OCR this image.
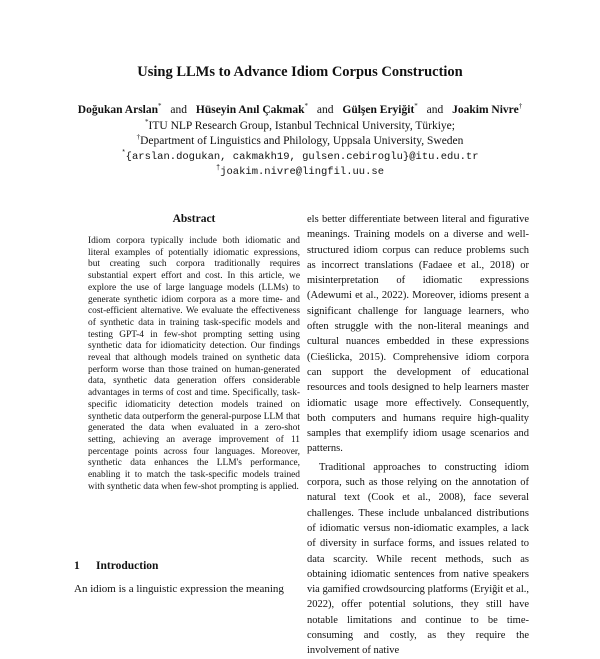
Using LLMs to Advance Idiom Corpus Construction
Doğukan Arslan* and Hüseyin Anıl Çakmak* and Gülşen Eryiğit* and Joakim Nivre†
*ITU NLP Research Group, Istanbul Technical University, Türkiye;
†Department of Linguistics and Philology, Uppsala University, Sweden
*{arslan.dogukan, cakmakh19, gulsen.cebiroglu}@itu.edu.tr
†joakim.nivre@lingfil.uu.se
Abstract
Idiom corpora typically include both idiomatic and literal examples of potentially idiomatic expressions, but creating such corpora traditionally requires substantial expert effort and cost. In this article, we explore the use of large language models (LLMs) to generate synthetic idiom corpora as a more time- and cost-efficient alternative. We evaluate the effectiveness of synthetic data in training task-specific models and testing GPT-4 in few-shot prompting setting using synthetic data for idiomaticity detection. Our findings reveal that although models trained on synthetic data perform worse than those trained on human-generated data, synthetic data generation offers considerable advantages in terms of cost and time. Specifically, task-specific idiomaticity detection models trained on synthetic data outperform the general-purpose LLM that generated the data when evaluated in a zero-shot setting, achieving an average improvement of 11 percentage points across four languages. Moreover, synthetic data enhances the LLM's performance, enabling it to match the task-specific models trained with synthetic data when few-shot prompting is applied.
1 Introduction
An idiom is a linguistic expression the meaning

els better differentiate between literal and figurative meanings. Training models on a diverse and well-structured idiom corpus can reduce problems such as incorrect translations (Fadaee et al., 2018) or misinterpretation of idiomatic expressions (Adewumi et al., 2022). Moreover, idioms present a significant challenge for language learners, who often struggle with the non-literal meanings and cultural nuances embedded in these expressions (Cieślicka, 2015). Comprehensive idiom corpora can support the development of educational resources and tools designed to help learners master idiomatic usage more effectively. Consequently, both computers and humans require high-quality samples that exemplify idiom usage scenarios and patterns.

Traditional approaches to constructing idiom corpora, such as those relying on the annotation of natural text (Cook et al., 2008), face several challenges. These include unbalanced distributions of idiomatic versus non-idiomatic examples, a lack of diversity in surface forms, and issues related to data scarcity. While recent methods, such as obtaining idiomatic sentences from native speakers via gamified crowdsourcing platforms (Eryiğit et al., 2022), offer potential solutions, they still have notable limitations and continue to be time-consuming and costly, as they require the involvement of native
